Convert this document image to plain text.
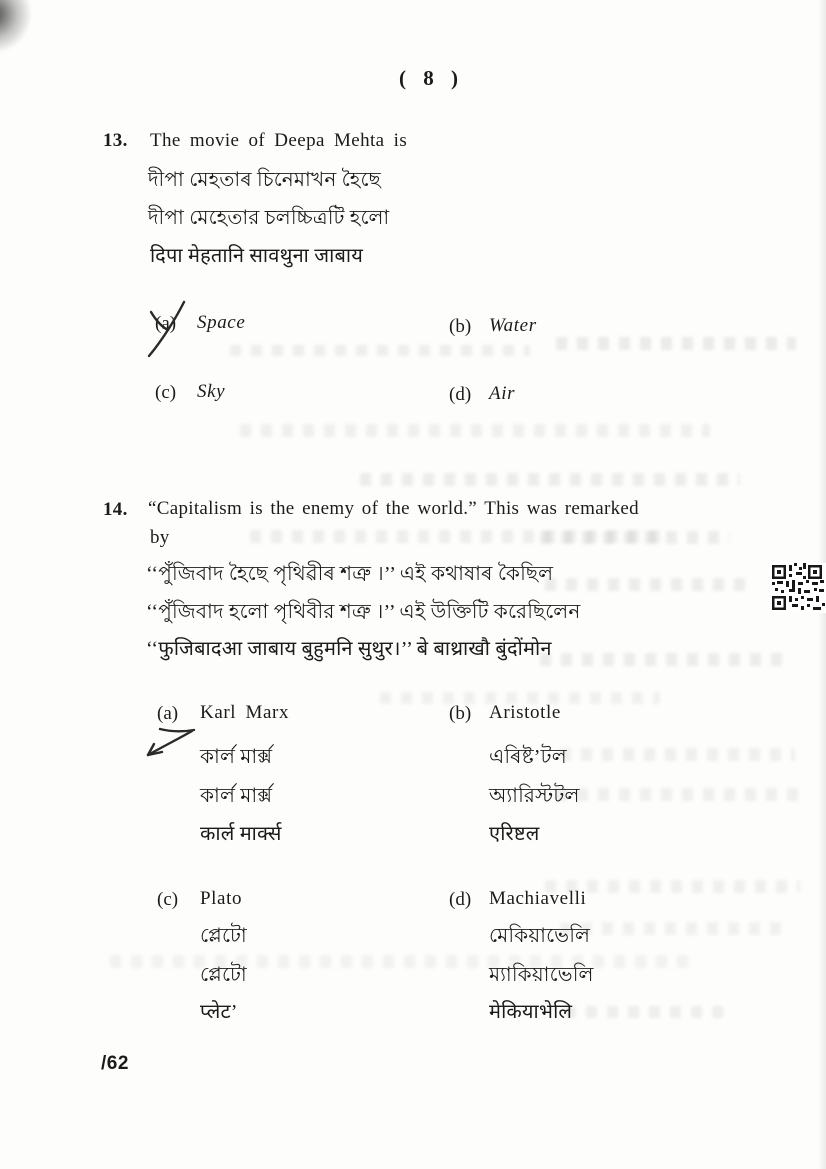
( 8 )
13. The movie of Deepa Mehta is
দীপা মেহতাৰ চিনেমাখন হৈছে
দীপা মেহেতার চলচ্চিত্রটি হলো
दिपा मेहतानि सावथुना जाबाय
(a) Space	(b) Water
(c) Sky	(d) Air
14. “Capitalism is the enemy of the world.” This was remarked
by
‘‘পুঁজিবাদ হৈছে পৃথিৱীৰ শত্ৰু ।’’ এই কথাষাৰ কৈছিল
‘‘পুঁজিবাদ হলো পৃথিবীর শত্রু ।’’ এই উক্তিটি করেছিলেন
‘‘फुजिबादआ जाबाय बुहुमनि सुथुर।’’ बे बाथ्राखौ बुंदोंमोन
(a) Karl Marx
কাৰ্ল মাৰ্ক্স
কার্ল মার্ক্স
कार्ल मार्क्स
(b) Aristotle
এৰিষ্ট’টল
অ্যারিস্টটল
एरिष्टल
(c) Plato
প্লেটো
প্লেটো
प्लेट’
(d) Machiavelli
মেকিয়াভেলি
ম্যাকিয়াভেলি
मेकियाभेलि
/62
